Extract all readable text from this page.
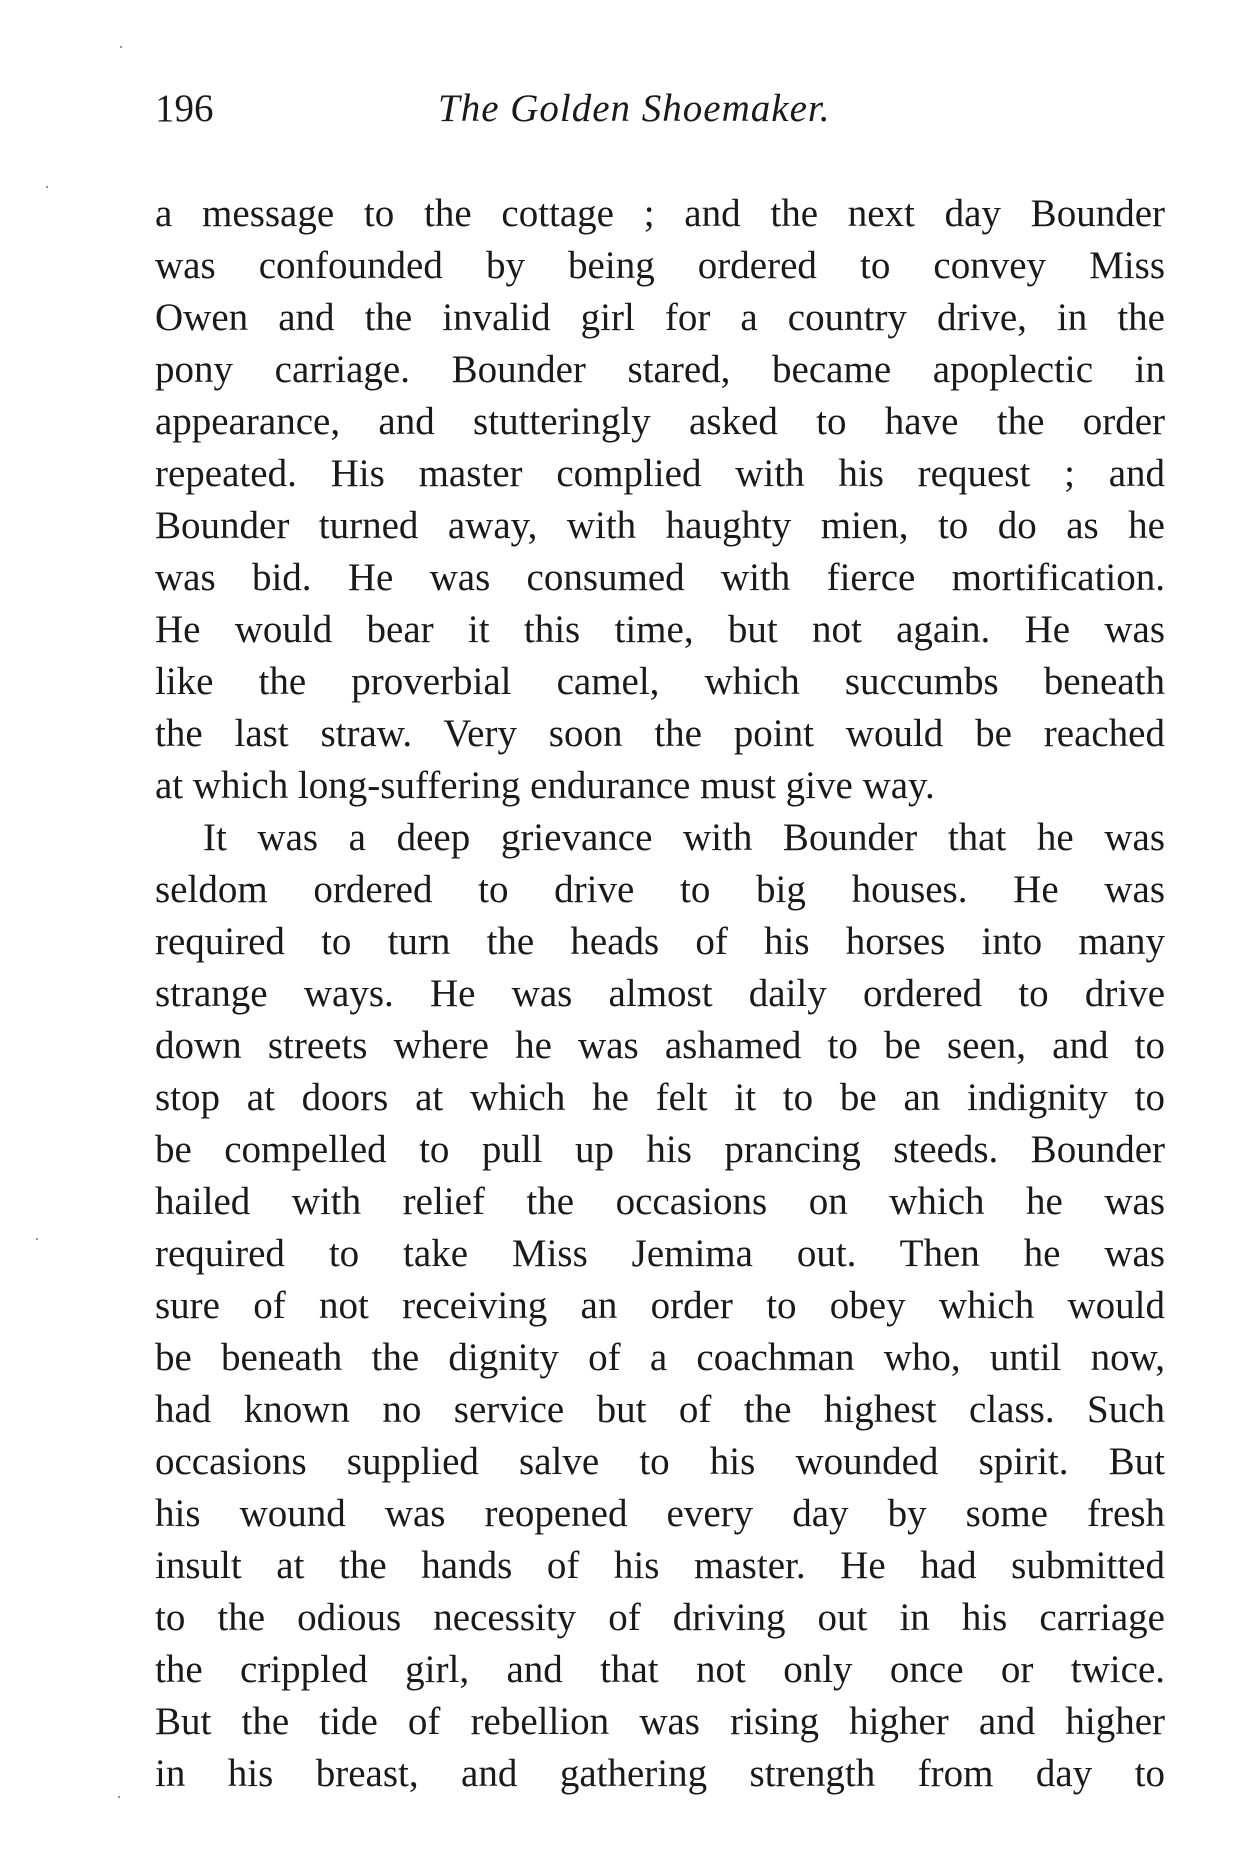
196	The Golden Shoemaker.
a message to the cottage ; and the next day Bounder
was confounded by being ordered to convey Miss
Owen and the invalid girl for a country drive, in the
pony carriage. Bounder stared, became apoplectic in
appearance, and stutteringly asked to have the order
repeated. His master complied with his request ; and
Bounder turned away, with haughty mien, to do as he
was bid. He was consumed with fierce mortification.
He would bear it this time, but not again. He was
like the proverbial camel, which succumbs beneath
the last straw. Very soon the point would be reached
at which long-suffering endurance must give way.
It was a deep grievance with Bounder that he was
seldom ordered to drive to big houses. He was
required to turn the heads of his horses into many
strange ways. He was almost daily ordered to drive
down streets where he was ashamed to be seen, and to
stop at doors at which he felt it to be an indignity to
be compelled to pull up his prancing steeds. Bounder
hailed with relief the occasions on which he was
required to take Miss Jemima out. Then he was
sure of not receiving an order to obey which would
be beneath the dignity of a coachman who, until now,
had known no service but of the highest class. Such
occasions supplied salve to his wounded spirit. But
his wound was reopened every day by some fresh
insult at the hands of his master. He had submitted
to the odious necessity of driving out in his carriage
the crippled girl, and that not only once or twice.
But the tide of rebellion was rising higher and higher
in his breast, and gathering strength from day to
